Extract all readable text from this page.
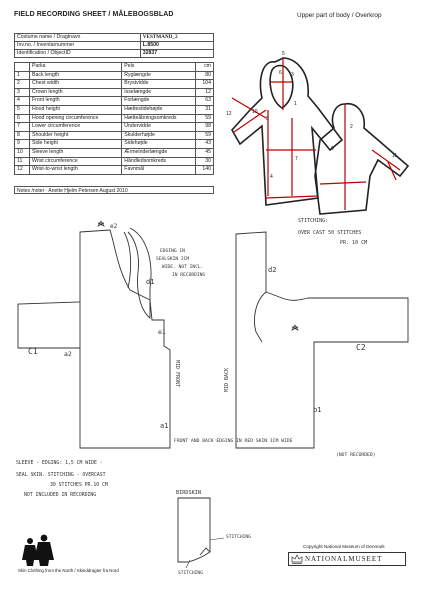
FIELD RECORDING SHEET / MÅLEBOGSBLAD	Upper part of body / Overkrop
Costume name / Dragtnavn	VESTMAND_2
Inv.no. / Inventarnummer	L.8500
Identification / ObjectID	32837
	Parka	Pels	cm
1	Back length	Ryglængde	80
2	Chest width	Brystvidde	104
3	Crown length	Isselængde	12
4	Front length	Forlængde	63
5	Hood height	Hættestidehøjde	31
6	Hood opening circumference	Hætteåbningsomkreds	59
7	Lower circumference	Undervidde	98
8	Shoulder height	Skulderhøjde	59
9	Side height	Sidehøjde	43
10	Sleeve length	Ærmeinderlængde	45
11	Wrist circumference	Håndledsomkreds	30
12	Wrist-to-wrist length	Favnmål	140
Notes /noter · Anette Hjelm Petersen August 2010
5
3
6
1
8
10
7
4
2
9
11
12
e2
EDGING IN
SEALSKIN 2CM
WIDE. NOT INCL.
IN RECORDING
d1
d2
e1
C1	a2
C2
MID FRONT	MID BACK
b1
a1
STITCHING:
OVER CAST 50 STITCHES
PR. 10 CM
FRONT AND BACK EDGING IN RED SKIN 1CM WIDE
(NOT RECORDED)
SLEEVE - EDGING: 1,5 CM WIDE -
SEAL SKIN. STITCHING - OVERCAST
30 STITCHES PR.10 CM
NOT INCLUDED IN RECORDING	BIRDSKIN
STITCHING
STITCHING
Skin Clothing from the North / Skinddragter fra Nord
Copyright National Museum of Denmark
NATIONALMUSEET
